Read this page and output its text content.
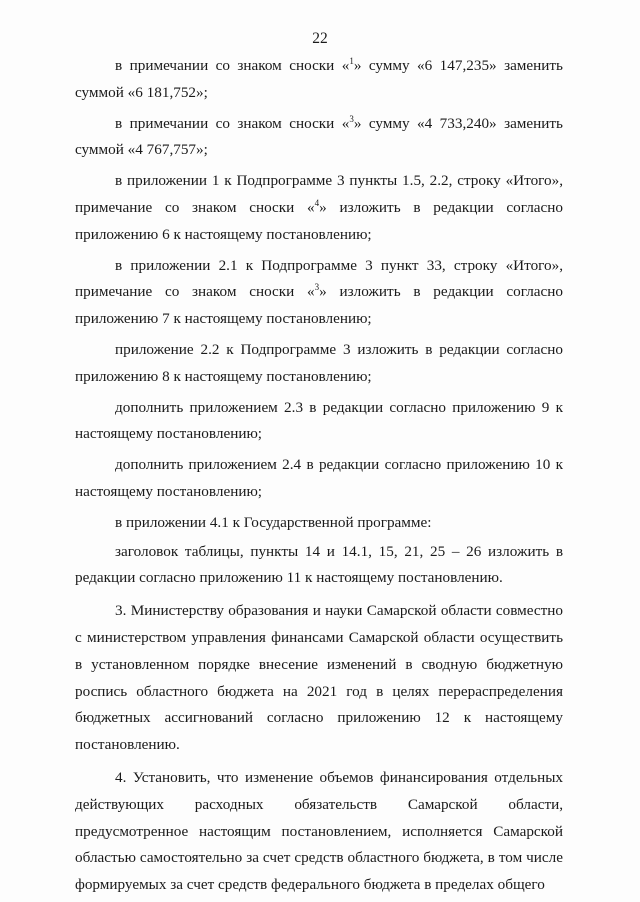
22

в примечании со знаком сноски «$^1$» сумму «6 147,235» заменить суммой «6 181,752»;

в примечании со знаком сноски «$^3$» сумму «4 733,240» заменить суммой «4 767,757»;

в приложении 1 к Подпрограмме 3 пункты 1.5, 2.2, строку «Итого», примечание со знаком сноски «$^4$» изложить в редакции согласно приложению 6 к настоящему постановлению;

в приложении 2.1 к Подпрограмме 3 пункт 33, строку «Итого», примечание со знаком сноски «$^3$» изложить в редакции согласно приложению 7 к настоящему постановлению;

приложение 2.2 к Подпрограмме 3 изложить в редакции согласно приложению 8 к настоящему постановлению;

дополнить приложением 2.3 в редакции согласно приложению 9 к настоящему постановлению;

дополнить приложением 2.4 в редакции согласно приложению 10 к настоящему постановлению;

в приложении 4.1 к Государственной программе:

заголовок таблицы, пункты 14 и 14.1, 15, 21, 25 – 26 изложить в редакции согласно приложению 11 к настоящему постановлению.

3. Министерству образования и науки Самарской области совместно с министерством управления финансами Самарской области осуществить в установленном порядке внесение изменений в сводную бюджетную роспись областного бюджета на 2021 год в целях перераспределения бюджетных ассигнований согласно приложению 12 к настоящему постановлению.

4. Установить, что изменение объемов финансирования отдельных действующих расходных обязательств Самарской области, предусмотренное настоящим постановлением, исполняется Самарской областью самостоятельно за счет средств областного бюджета, в том числе формируемых за счет средств федерального бюджета в пределах общего
